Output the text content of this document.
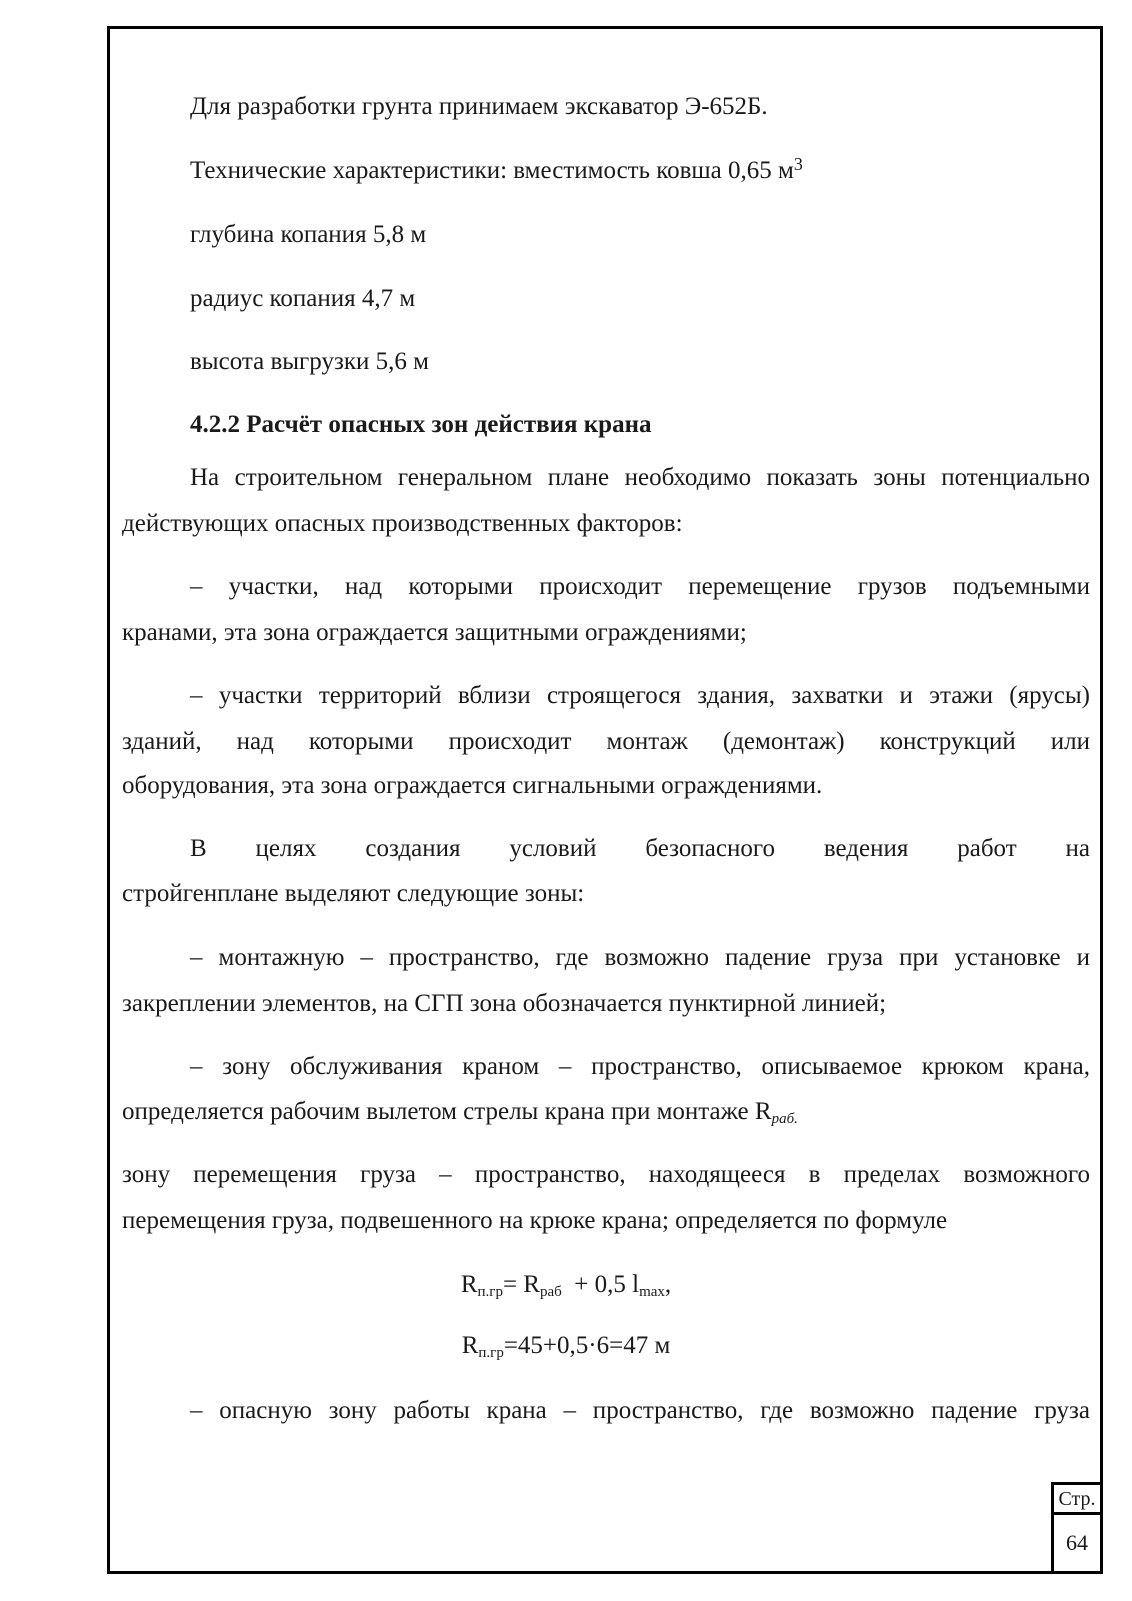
Для разработки грунта принимаем экскаватор Э-652Б.
Технические характеристики: вместимость ковша 0,65 $м^3$
глубина копания 5,8 м
радиус копания 4,7 м
высота выгрузки 5,6 м
4.2.2 Расчёт опасных зон действия крана
На строительном генеральном плане необходимо показать зоны потенциально
действующих опасных производственных факторов:
– участки, над которыми происходит перемещение грузов подъемными
кранами, эта зона ограждается защитными ограждениями;
– участки территорий вблизи строящегося здания, захватки и этажи (ярусы)
зданий, над которыми происходит монтаж (демонтаж) конструкций или
оборудования, эта зона ограждается сигнальными ограждениями.
В целях создания условий безопасного ведения работ на
стройгенплане выделяют следующие зоны:
– монтажную – пространство, где возможно падение груза при установке и
закреплении элементов, на СГП зона обозначается пунктирной линией;
– зону обслуживания краном – пространство, описываемое крюком крана,
определяется рабочим вылетом стрелы крана при монтаже $R_{раб.}$
зону перемещения груза – пространство, находящееся в пределах возможного
перемещения груза, подвешенного на крюке крана; определяется по формуле
$R_{п.гр}= R_{раб} + 0,5$ $l_{max}$,
$R_{п.гр}=45+0,5\cdot 6=47$ м
– опасную зону работы крана – пространство, где возможно падение груза
Стр.
64
